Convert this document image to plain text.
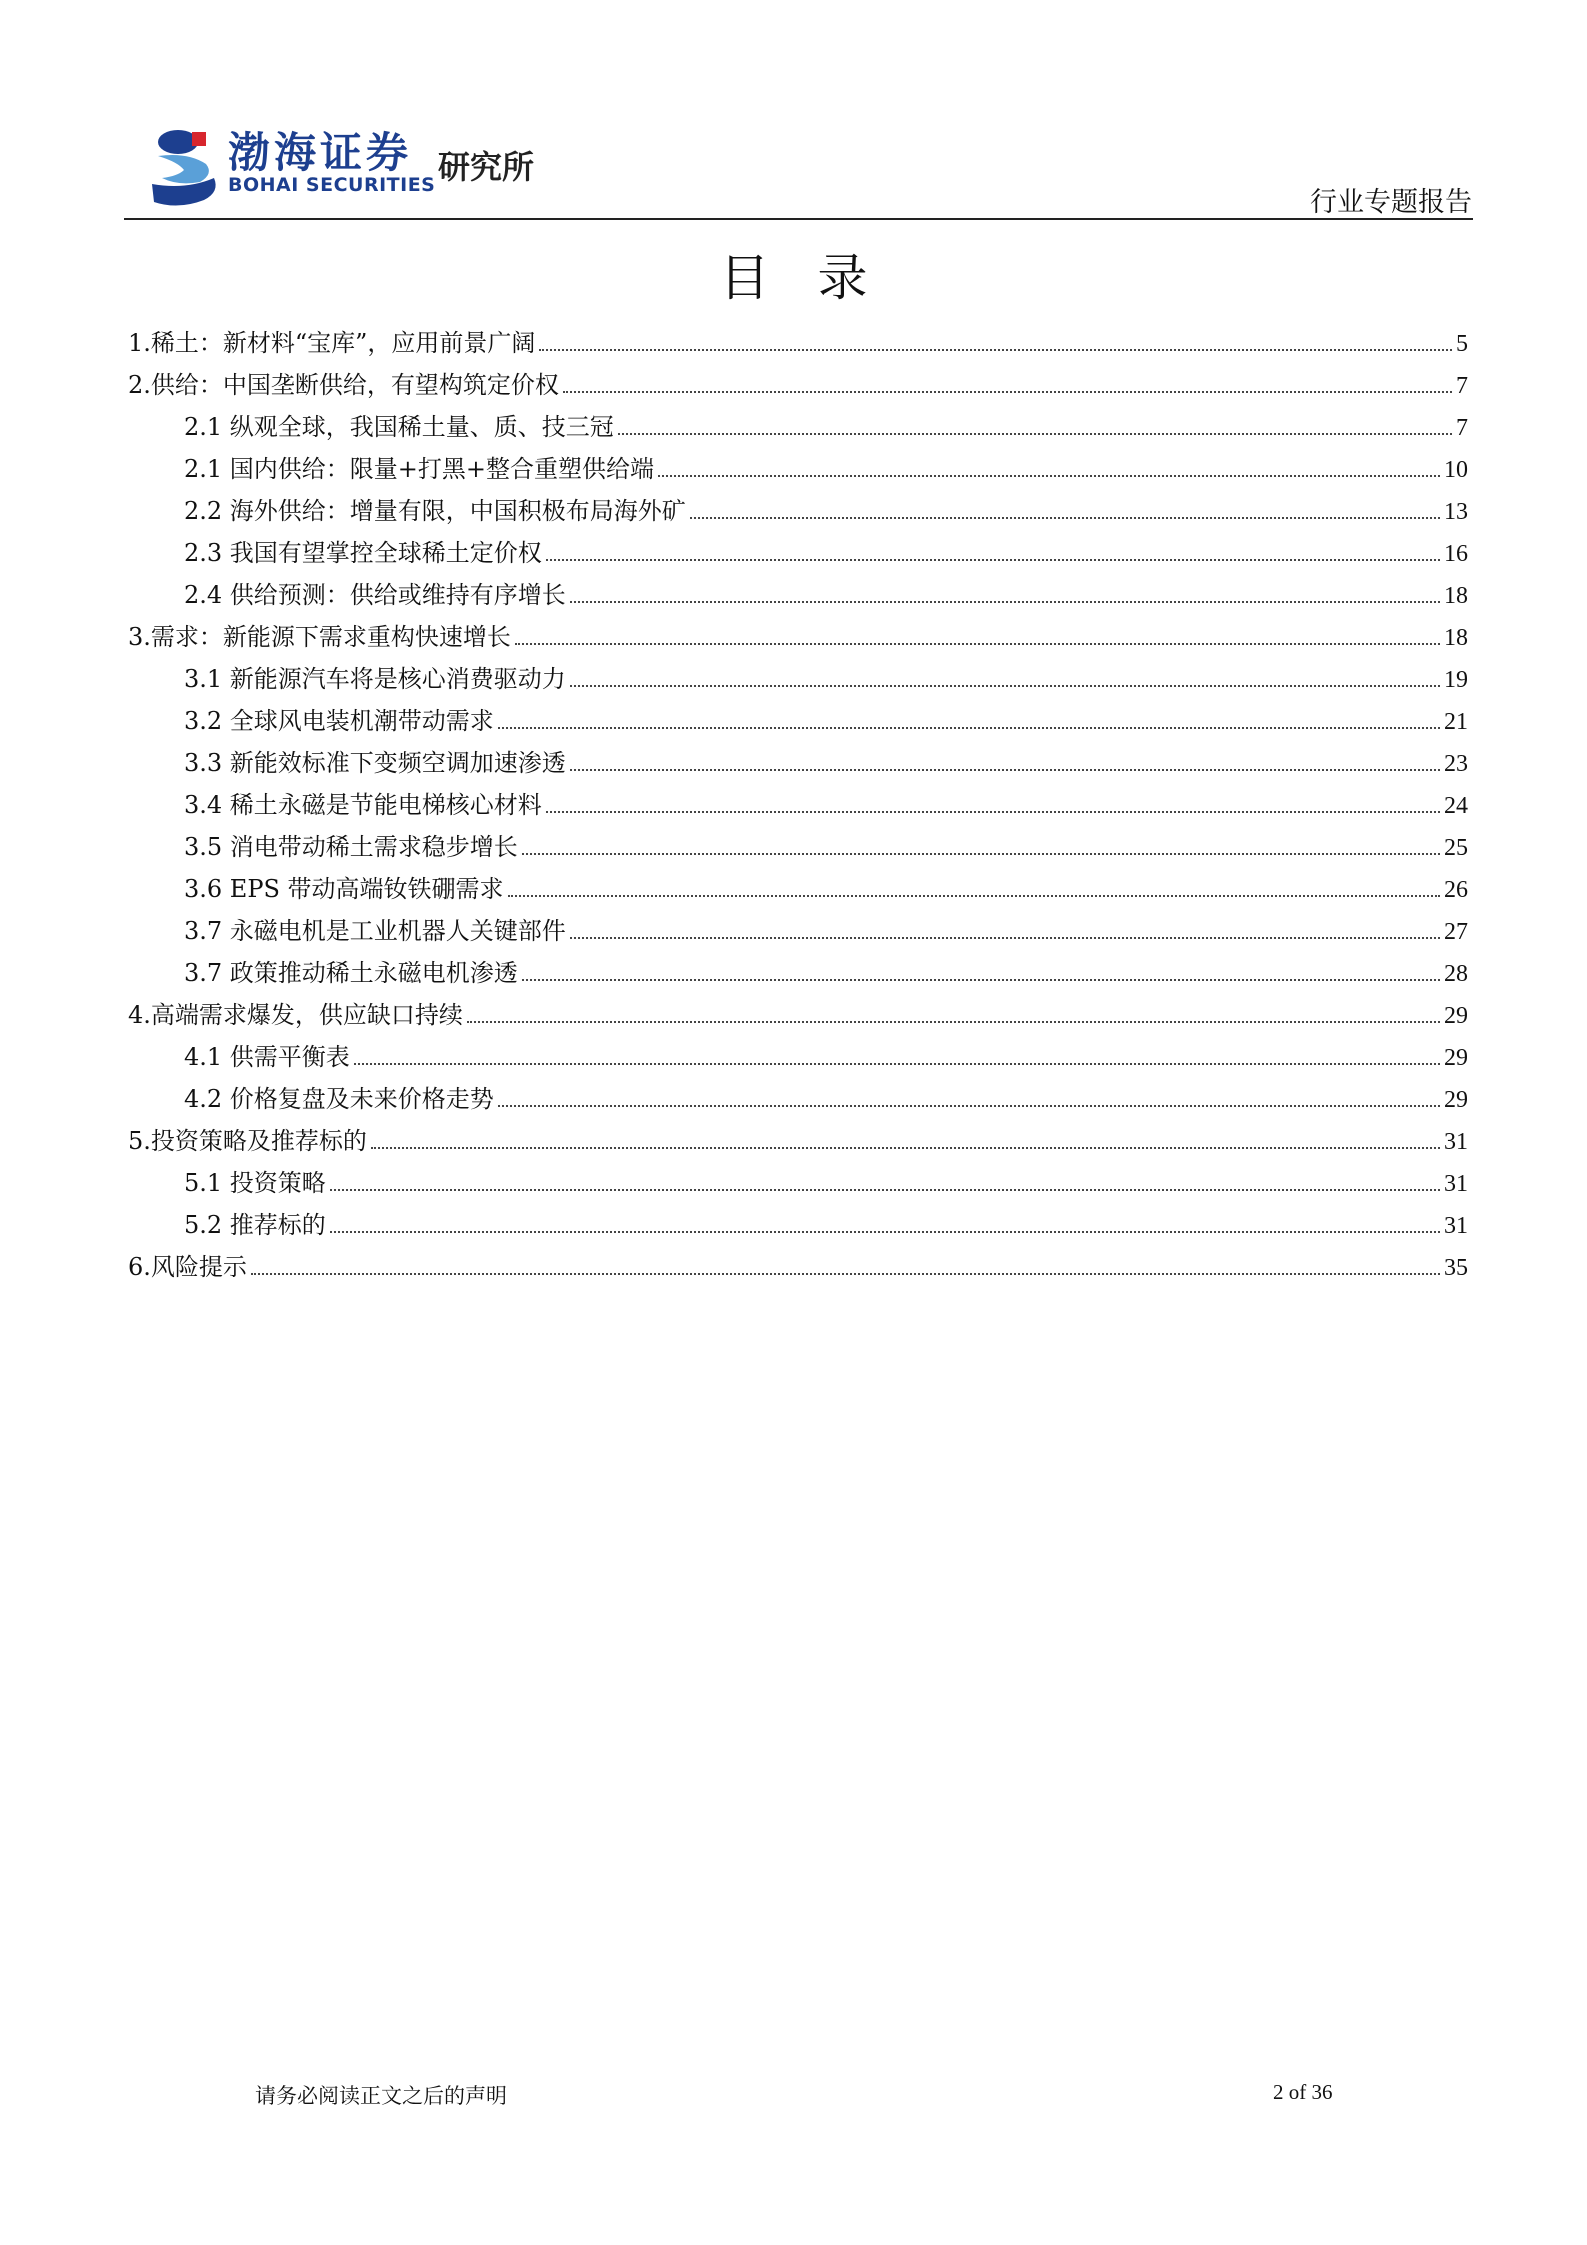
渤海证券
BOHAI SECURITIES 研究所
行业专题报告
目录
1.稀土：新材料“宝库”，应用前景广阔	5
2.供给：中国垄断供给，有望构筑定价权	7
2.1 纵观全球，我国稀土量、质、技三冠	7
2.1 国内供给：限量+打黑+整合重塑供给端	10
2.2 海外供给：增量有限，中国积极布局海外矿	13
2.3 我国有望掌控全球稀土定价权	16
2.4 供给预测：供给或维持有序增长	18
3.需求：新能源下需求重构快速增长	18
3.1 新能源汽车将是核心消费驱动力	19
3.2 全球风电装机潮带动需求	21
3.3 新能效标准下变频空调加速渗透	23
3.4 稀土永磁是节能电梯核心材料	24
3.5 消电带动稀土需求稳步增长	25
3.6 EPS 带动高端钕铁硼需求	26
3.7 永磁电机是工业机器人关键部件	27
3.7 政策推动稀土永磁电机渗透	28
4.高端需求爆发，供应缺口持续	29
4.1 供需平衡表	29
4.2 价格复盘及未来价格走势	29
5.投资策略及推荐标的	31
5.1 投资策略	31
5.2 推荐标的	31
6.风险提示	35
请务必阅读正文之后的声明	2 of 36
